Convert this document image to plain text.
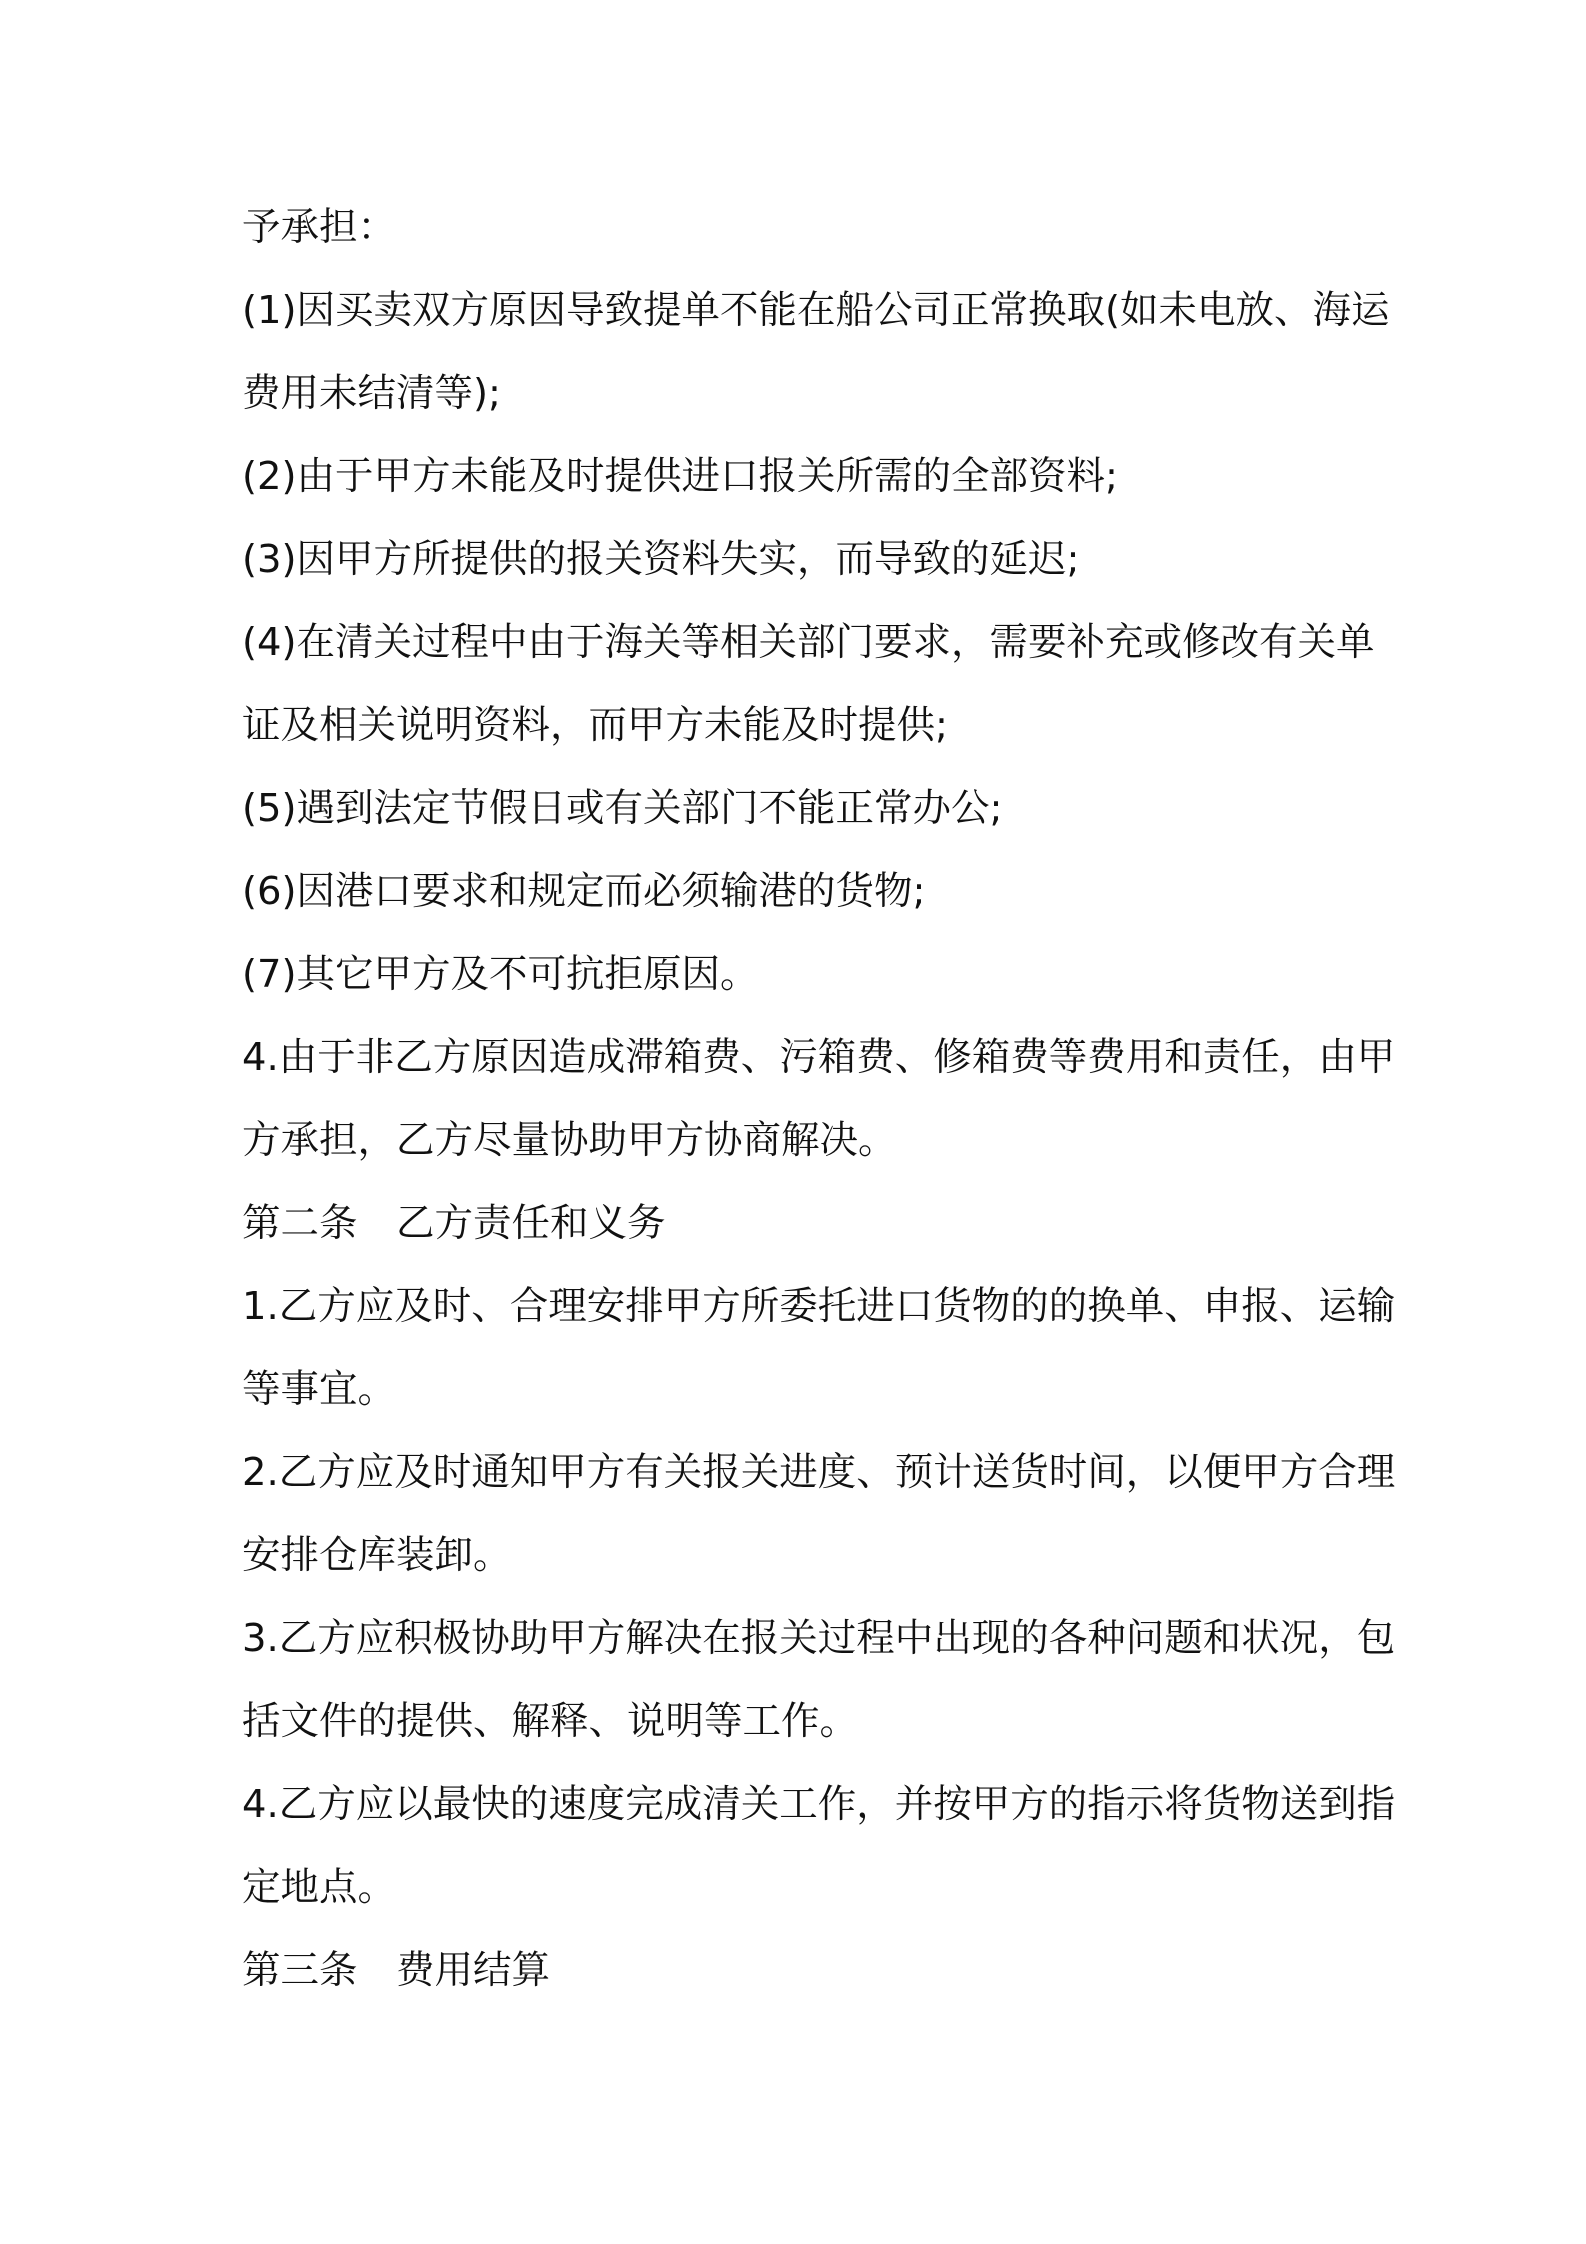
予承担：
(1)因买卖双方原因导致提单不能在船公司正常换取(如未电放、海运
费用未结清等);
(2)由于甲方未能及时提供进口报关所需的全部资料;
(3)因甲方所提供的报关资料失实，而导致的延迟;
(4)在清关过程中由于海关等相关部门要求，需要补充或修改有关单
证及相关说明资料，而甲方未能及时提供;
(5)遇到法定节假日或有关部门不能正常办公;
(6)因港口要求和规定而必须输港的货物;
(7)其它甲方及不可抗拒原因。
4.由于非乙方原因造成滞箱费、污箱费、修箱费等费用和责任，由甲
方承担，乙方尽量协助甲方协商解决。
第二条　乙方责任和义务
1.乙方应及时、合理安排甲方所委托进口货物的的换单、申报、运输
等事宜。
2.乙方应及时通知甲方有关报关进度、预计送货时间，以便甲方合理
安排仓库装卸。
3.乙方应积极协助甲方解决在报关过程中出现的各种问题和状况，包
括文件的提供、解释、说明等工作。
4.乙方应以最快的速度完成清关工作，并按甲方的指示将货物送到指
定地点。
第三条　费用结算
